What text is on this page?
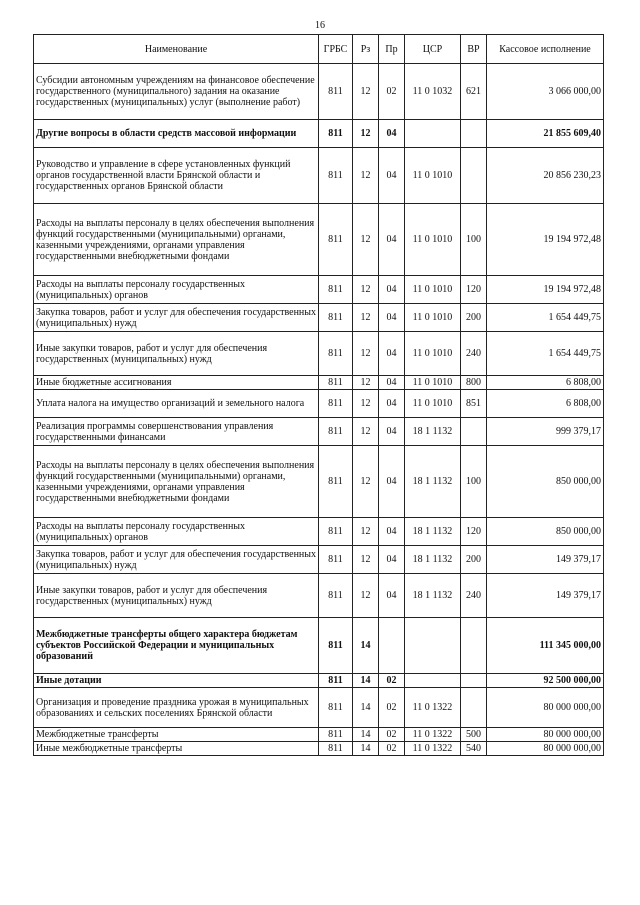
16
Наименование	ГРБС	Рз	Пр	ЦСР	ВР	Кассовое исполнение
Субсидии автономным учреждениям на финансовое обеспечение государственного (муниципального) задания на оказание государственных (муниципальных) услуг (выполнение работ)	811	12	02	11 0 1032	621	3 066 000,00
Другие вопросы в области средств массовой информации	811	12	04			21 855 609,40
Руководство и управление в сфере установленных функций органов государственной власти Брянской области и государственных органов Брянской области	811	12	04	11 0 1010		20 856 230,23
Расходы на выплаты персоналу в целях обеспечения выполнения функций государственными (муниципальными) органами, казенными учреждениями, органами управления государственными внебюджетными фондами	811	12	04	11 0 1010	100	19 194 972,48
Расходы на выплаты персоналу государственных (муниципальных) органов	811	12	04	11 0 1010	120	19 194 972,48
Закупка товаров, работ и услуг для обеспечения государственных (муниципальных) нужд	811	12	04	11 0 1010	200	1 654 449,75
Иные закупки товаров, работ и услуг для обеспечения государственных (муниципальных) нужд	811	12	04	11 0 1010	240	1 654 449,75
Иные бюджетные ассигнования	811	12	04	11 0 1010	800	6 808,00
Уплата налога на имущество организаций и земельного налога	811	12	04	11 0 1010	851	6 808,00
Реализация программы совершенствования управления государственными финансами	811	12	04	18 1 1132		999 379,17
Расходы на выплаты персоналу в целях обеспечения выполнения функций государственными (муниципальными) органами, казенными учреждениями, органами управления государственными внебюджетными фондами	811	12	04	18 1 1132	100	850 000,00
Расходы на выплаты персоналу государственных (муниципальных) органов	811	12	04	18 1 1132	120	850 000,00
Закупка товаров, работ и услуг для обеспечения государственных (муниципальных) нужд	811	12	04	18 1 1132	200	149 379,17
Иные закупки товаров, работ и услуг для обеспечения государственных (муниципальных) нужд	811	12	04	18 1 1132	240	149 379,17
Межбюджетные трансферты общего характера бюджетам субъектов Российской Федерации и муниципальных образований	811	14				111 345 000,00
Иные дотации	811	14	02			92 500 000,00
Организация и проведение праздника урожая в муниципальных образованиях и сельских поселениях Брянской области	811	14	02	11 0 1322		80 000 000,00
Межбюджетные трансферты	811	14	02	11 0 1322	500	80 000 000,00
Иные межбюджетные трансферты	811	14	02	11 0 1322	540	80 000 000,00
